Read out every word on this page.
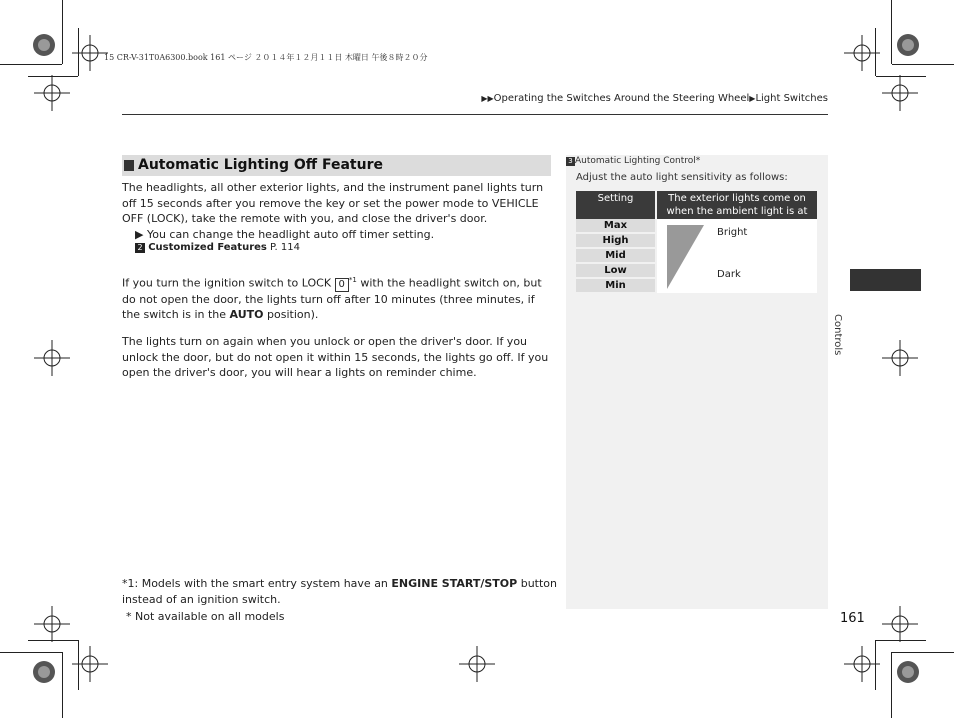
15 CR-V-31T0A6300.book 161 ページ ２０１４年１２月１１日 木曜日 午後８時２０分
▶▶Operating the Switches Around the Steering Wheel▶Light Switches
Automatic Lighting Off Feature
The headlights, all other exterior lights, and the instrument panel lights turn off 15 seconds after you remove the key or set the power mode to VEHICLE OFF (LOCK), take the remote with you, and close the driver's door.
▶ You can change the headlight auto off timer setting.
2 Customized Features P. 114
If you turn the ignition switch to LOCK 0 $^{*1}$ with the headlight switch on, but do not open the door, the lights turn off after 10 minutes (three minutes, if the switch is in the AUTO position).
The lights turn on again when you unlock or open the driver's door. If you unlock the door, but do not open it within 15 seconds, the lights go off. If you open the driver's door, you will hear a lights on reminder chime.
*1: Models with the smart entry system have an ENGINE START/STOP button
instead of an ignition switch.
* Not available on all models
3 Automatic Lighting Control*
Adjust the auto light sensitivity as follows:
Setting	The exterior lights come on
when the ambient light is at
Max
High
Mid
Low
Min
Bright
Dark
Controls
161
